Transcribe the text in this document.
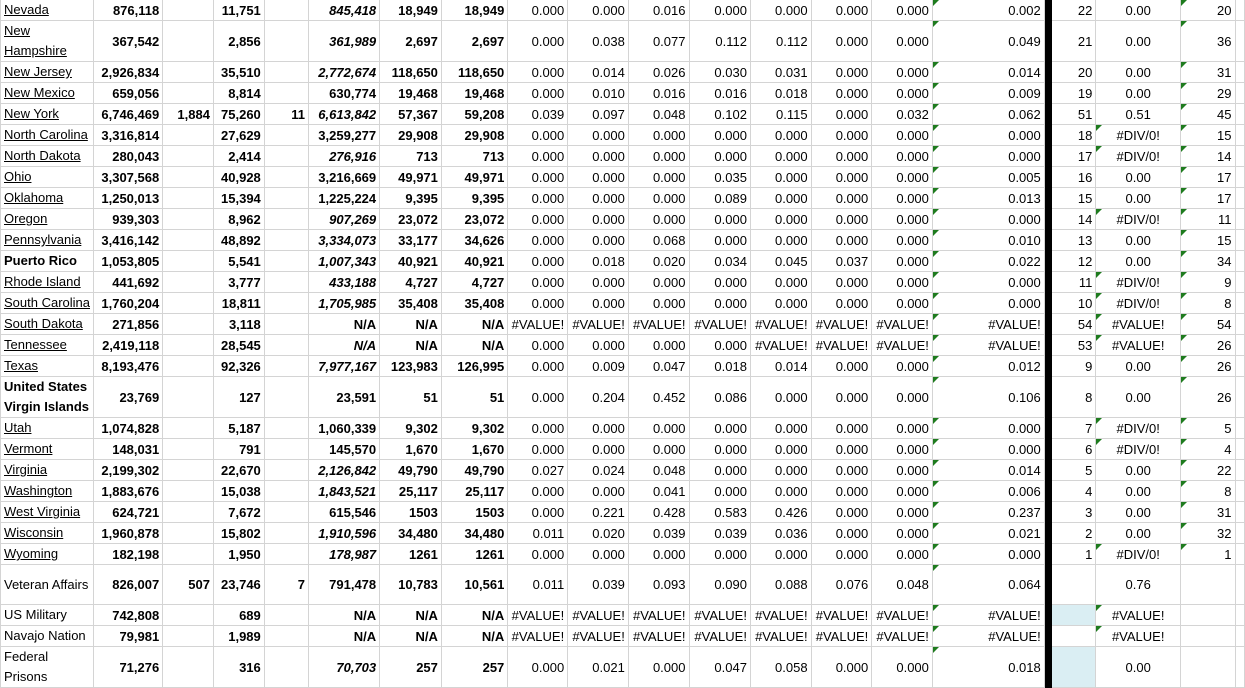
Nevada	876,118		11,751		845,418	18,949	18,949	0.000	0.000	0.016	0.000	0.000	0.000	0.000	0.002		22	0.00	20	
New Hampshire	367,542		2,856		361,989	2,697	2,697	0.000	0.038	0.077	0.112	0.112	0.000	0.000	0.049		21	0.00	36	
New Jersey	2,926,834		35,510		2,772,674	118,650	118,650	0.000	0.014	0.026	0.030	0.031	0.000	0.000	0.014		20	0.00	31	
New Mexico	659,056		8,814		630,774	19,468	19,468	0.000	0.010	0.016	0.016	0.018	0.000	0.000	0.009		19	0.00	29	
New York	6,746,469	1,884	75,260	11	6,613,842	57,367	59,208	0.039	0.097	0.048	0.102	0.115	0.000	0.032	0.062		51	0.51	45	
North Carolina	3,316,814		27,629		3,259,277	29,908	29,908	0.000	0.000	0.000	0.000	0.000	0.000	0.000	0.000		18	#DIV/0!	15	
North Dakota	280,043		2,414		276,916	713	713	0.000	0.000	0.000	0.000	0.000	0.000	0.000	0.000		17	#DIV/0!	14	
Ohio	3,307,568		40,928		3,216,669	49,971	49,971	0.000	0.000	0.000	0.035	0.000	0.000	0.000	0.005		16	0.00	17	
Oklahoma	1,250,013		15,394		1,225,224	9,395	9,395	0.000	0.000	0.000	0.089	0.000	0.000	0.000	0.013		15	0.00	17	
Oregon	939,303		8,962		907,269	23,072	23,072	0.000	0.000	0.000	0.000	0.000	0.000	0.000	0.000		14	#DIV/0!	11	
Pennsylvania	3,416,142		48,892		3,334,073	33,177	34,626	0.000	0.000	0.068	0.000	0.000	0.000	0.000	0.010		13	0.00	15	
Puerto Rico	1,053,805		5,541		1,007,343	40,921	40,921	0.000	0.018	0.020	0.034	0.045	0.037	0.000	0.022		12	0.00	34	
Rhode Island	441,692		3,777		433,188	4,727	4,727	0.000	0.000	0.000	0.000	0.000	0.000	0.000	0.000		11	#DIV/0!	9	
South Carolina	1,760,204		18,811		1,705,985	35,408	35,408	0.000	0.000	0.000	0.000	0.000	0.000	0.000	0.000		10	#DIV/0!	8	
South Dakota	271,856		3,118		N/A	N/A	N/A	#VALUE!	#VALUE!	#VALUE!	#VALUE!	#VALUE!	#VALUE!	#VALUE!	#VALUE!		54	#VALUE!	54	
Tennessee	2,419,118		28,545		N/A	N/A	N/A	0.000	0.000	0.000	0.000	#VALUE!	#VALUE!	#VALUE!	#VALUE!		53	#VALUE!	26	
Texas	8,193,476		92,326		7,977,167	123,983	126,995	0.000	0.009	0.047	0.018	0.014	0.000	0.000	0.012		9	0.00	26	
United States Virgin Islands	23,769		127		23,591	51	51	0.000	0.204	0.452	0.086	0.000	0.000	0.000	0.106		8	0.00	26	
Utah	1,074,828		5,187		1,060,339	9,302	9,302	0.000	0.000	0.000	0.000	0.000	0.000	0.000	0.000		7	#DIV/0!	5	
Vermont	148,031		791		145,570	1,670	1,670	0.000	0.000	0.000	0.000	0.000	0.000	0.000	0.000		6	#DIV/0!	4	
Virginia	2,199,302		22,670		2,126,842	49,790	49,790	0.027	0.024	0.048	0.000	0.000	0.000	0.000	0.014		5	0.00	22	
Washington	1,883,676		15,038		1,843,521	25,117	25,117	0.000	0.000	0.041	0.000	0.000	0.000	0.000	0.006		4	0.00	8	
West Virginia	624,721		7,672		615,546	1503	1503	0.000	0.221	0.428	0.583	0.426	0.000	0.000	0.237		3	0.00	31	
Wisconsin	1,960,878		15,802		1,910,596	34,480	34,480	0.011	0.020	0.039	0.039	0.036	0.000	0.000	0.021		2	0.00	32	
Wyoming	182,198		1,950		178,987	1261	1261	0.000	0.000	0.000	0.000	0.000	0.000	0.000	0.000		1	#DIV/0!	1	
Veteran Affairs	826,007	507	23,746	7	791,478	10,783	10,561	0.011	0.039	0.093	0.090	0.088	0.076	0.048	0.064			0.76		
US Military	742,808		689		N/A	N/A	N/A	#VALUE!	#VALUE!	#VALUE!	#VALUE!	#VALUE!	#VALUE!	#VALUE!	#VALUE!			#VALUE!		
Navajo Nation	79,981		1,989		N/A	N/A	N/A	#VALUE!	#VALUE!	#VALUE!	#VALUE!	#VALUE!	#VALUE!	#VALUE!	#VALUE!			#VALUE!		
Federal Prisons	71,276		316		70,703	257	257	0.000	0.021	0.000	0.047	0.058	0.000	0.000	0.018			0.00		
